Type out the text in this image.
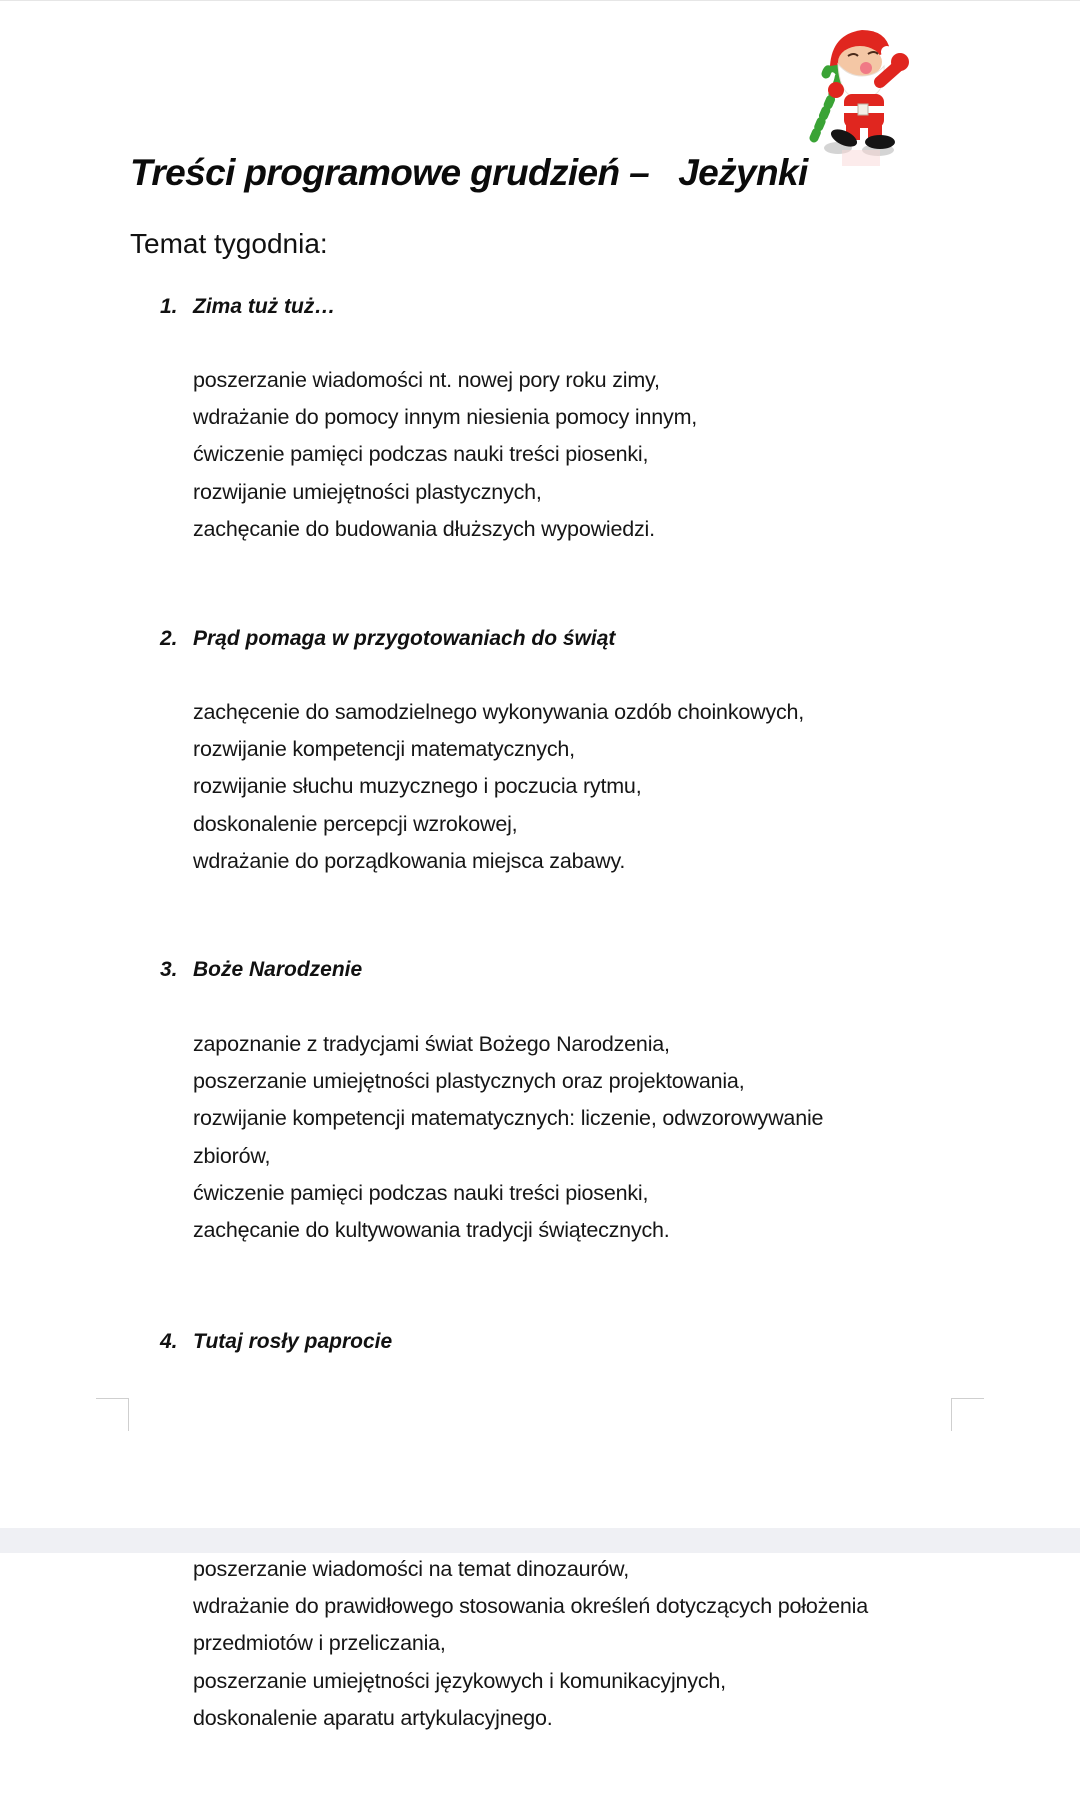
Treści programowe grudzień –   Jeżynki
Temat tygodnia:
1. Zima tuż tuż…
poszerzanie wiadomości nt. nowej pory roku zimy,
wdrażanie do pomocy innym niesienia pomocy innym,
ćwiczenie pamięci podczas nauki treści piosenki,
rozwijanie umiejętności plastycznych,
zachęcanie do budowania dłuższych wypowiedzi.
2. Prąd pomaga w przygotowaniach do świąt
zachęcenie do samodzielnego wykonywania ozdób choinkowych,
rozwijanie kompetencji matematycznych,
rozwijanie słuchu muzycznego i poczucia rytmu,
doskonalenie percepcji wzrokowej,
wdrażanie do porządkowania miejsca zabawy.
3. Boże Narodzenie
zapoznanie z tradycjami świat Bożego Narodzenia,
poszerzanie umiejętności plastycznych oraz projektowania,
rozwijanie kompetencji matematycznych: liczenie, odwzorowywanie
zbiorów,
ćwiczenie pamięci podczas nauki treści piosenki,
zachęcanie do kultywowania tradycji świątecznych.
4. Tutaj rosły paprocie
poszerzanie wiadomości na temat dinozaurów,
wdrażanie do prawidłowego stosowania określeń dotyczących położenia
przedmiotów i przeliczania,
poszerzanie umiejętności językowych i komunikacyjnych,
doskonalenie aparatu artykulacyjnego.
